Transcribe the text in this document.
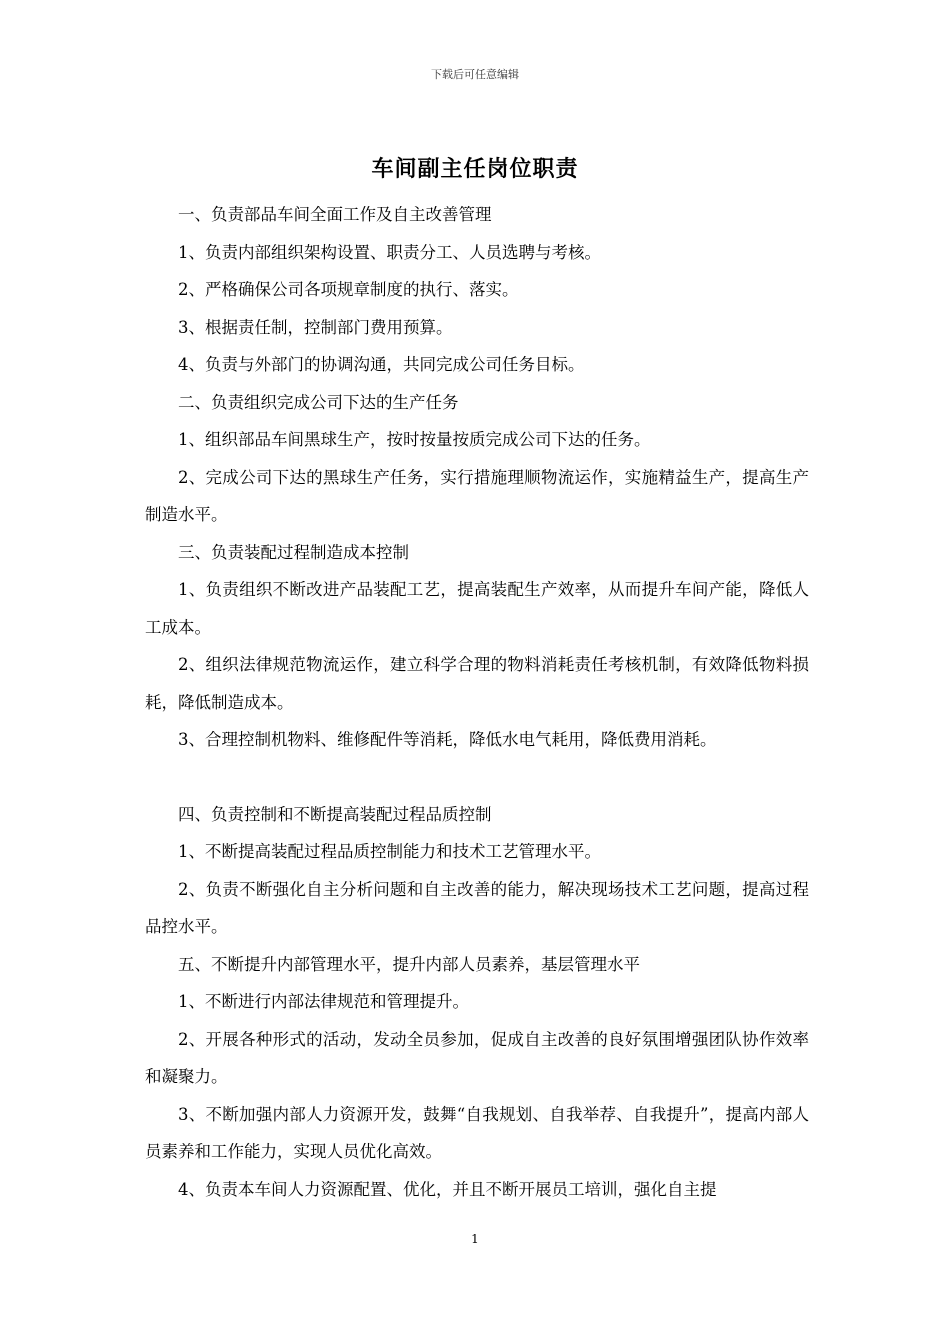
下载后可任意编辑
车间副主任岗位职责

一、负责部品车间全面工作及自主改善管理

1、负责内部组织架构设置、职责分工、人员选聘与考核。

2、严格确保公司各项规章制度的执行、落实。

3、根据责任制，控制部门费用预算。

4、负责与外部门的协调沟通，共同完成公司任务目标。

二、负责组织完成公司下达的生产任务

1、组织部品车间黑球生产，按时按量按质完成公司下达的任务。

2、完成公司下达的黑球生产任务，实行措施理顺物流运作，实施精益生产，提高生产制造水平。

三、负责装配过程制造成本控制

1、负责组织不断改进产品装配工艺，提高装配生产效率，从而提升车间产能，降低人工成本。

2、组织法律规范物流运作，建立科学合理的物料消耗责任考核机制，有效降低物料损耗，降低制造成本。

3、合理控制机物料、维修配件等消耗，降低水电气耗用，降低费用消耗。

四、负责控制和不断提高装配过程品质控制

1、不断提高装配过程品质控制能力和技术工艺管理水平。

2、负责不断强化自主分析问题和自主改善的能力，解决现场技术工艺问题，提高过程品控水平。

五、不断提升内部管理水平，提升内部人员素养，基层管理水平

1、不断进行内部法律规范和管理提升。

2、开展各种形式的活动，发动全员参加，促成自主改善的良好氛围增强团队协作效率和凝聚力。

3、不断加强内部人力资源开发，鼓舞“自我规划、自我举荐、自我提升”，提高内部人员素养和工作能力，实现人员优化高效。

4、负责本车间人力资源配置、优化，并且不断开展员工培训，强化自主提

1
